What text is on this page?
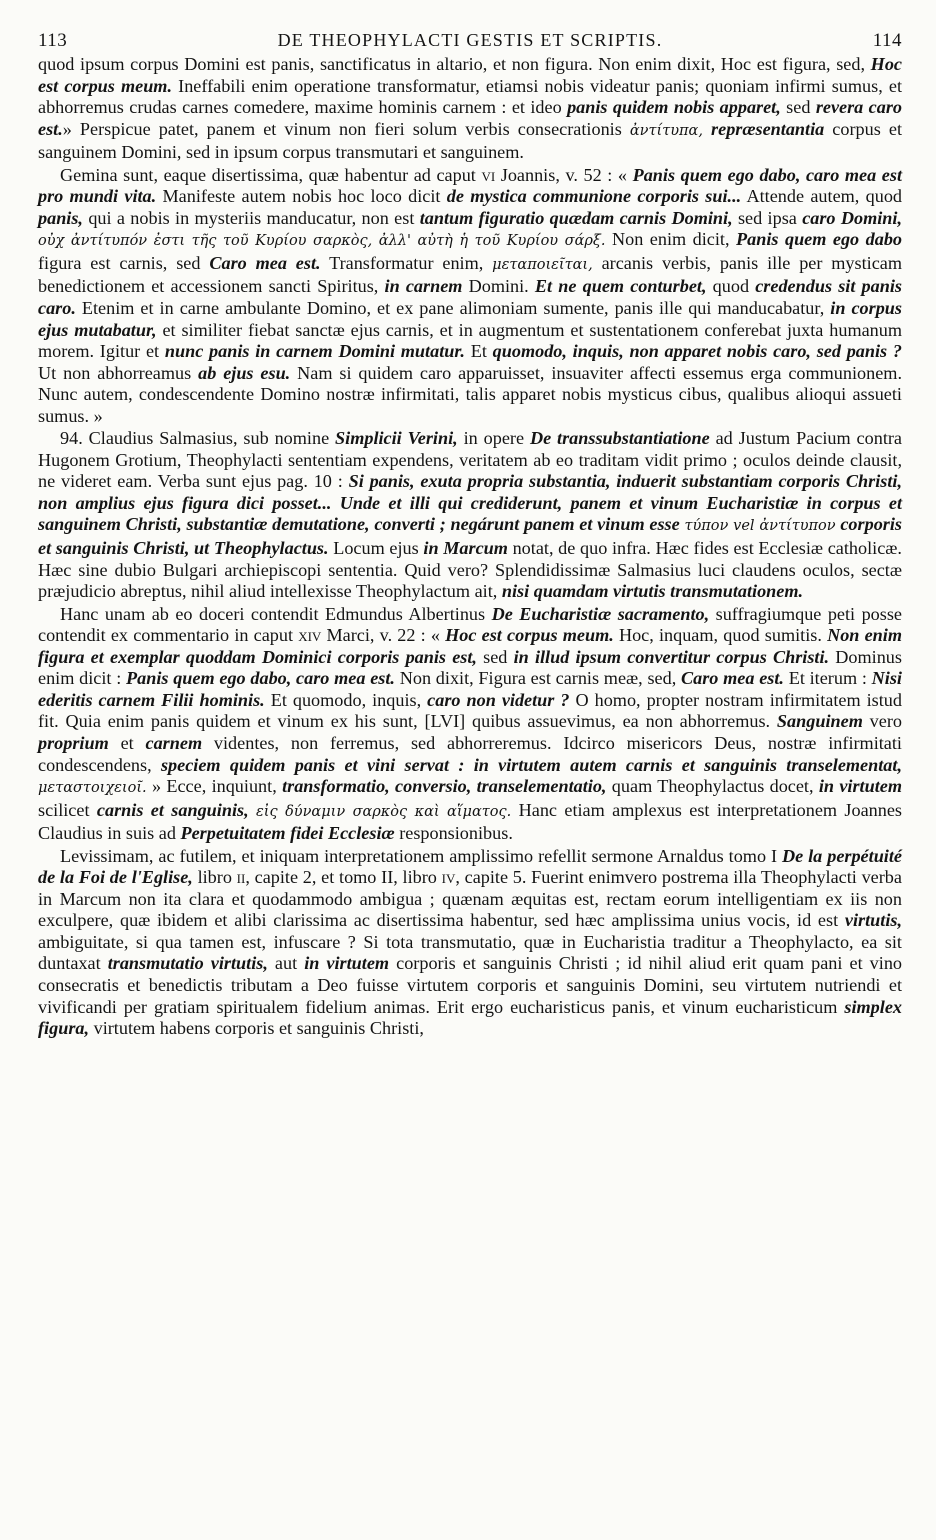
113	DE THEOPHYLACTI GESTIS ET SCRIPTIS.	114

quod ipsum corpus Domini est panis, sanctificatus in altario, et non figura. Non enim dixit, Hoc est figura, sed, Hoc est corpus meum. Ineffabili enim operatione transformatur, etiamsi nobis videatur panis; quoniam infirmi sumus, et abhorremus crudas carnes comedere, maxime hominis carnem : et ideo panis quidem nobis apparet, sed revera caro est.» Perspicue patet, panem et vinum non fieri solum verbis consecrationis ἀντίτυπα, repræsentantia corpus et sanguinem Domini, sed in ipsum corpus transmutari et sanguinem.

Gemina sunt, eaque disertissima, quæ habentur ad caput vi Joannis, v. 52 : « Panis quem ego dabo, caro mea est pro mundi vita. Manifeste autem nobis hoc loco dicit de mystica communione corporis sui... Attende autem, quod panis, qui a nobis in mysteriis manducatur, non est tantum figuratio quædam carnis Domini, sed ipsa caro Domini, οὐχ ἀντίτυπόν ἐστι τῆς τοῦ Κυρίου σαρκὸς, ἀλλ' αὐτὴ ἡ τοῦ Κυρίου σάρξ. Non enim dicit, Panis quem ego dabo figura est carnis, sed Caro mea est. Transformatur enim, μεταποιεῖται, arcanis verbis, panis ille per mysticam benedictionem et accessionem sancti Spiritus, in carnem Domini. Et ne quem conturbet, quod credendus sit panis caro. Etenim et in carne ambulante Domino, et ex pane alimoniam sumente, panis ille qui manducabatur, in corpus ejus mutabatur, et similiter fiebat sanctæ ejus carnis, et in augmentum et sustentationem conferebat juxta humanum morem. Igitur et nunc panis in carnem Domini mutatur. Et quomodo, inquis, non apparet nobis caro, sed panis ? Ut non abhorreamus ab ejus esu. Nam si quidem caro apparuisset, insuaviter affecti essemus erga communionem. Nunc autem, condescendente Domino nostræ infirmitati, talis apparet nobis mysticus cibus, qualibus alioqui assueti sumus. »

94. Claudius Salmasius, sub nomine Simplicii Verini, in opere De transsubstantiatione ad Justum Pacium contra Hugonem Grotium, Theophylacti sententiam expendens, veritatem ab eo traditam vidit primo ; oculos deinde clausit, ne videret eam. Verba sunt ejus pag. 10 : Si panis, exuta propria substantia, induerit substantiam corporis Christi, non amplius ejus figura dici posset... Unde et illi qui crediderunt, panem et vinum Eucharistiæ in corpus et sanguinem Christi, substantiæ demutatione, converti ; negárunt panem et vinum esse τύπον vel ἀντίτυπον corporis et sanguinis Christi, ut Theophylactus. Locum ejus in Marcum notat, de quo infra. Hæc fides est Ecclesiæ catholicæ. Hæc sine dubio Bulgari archiepiscopi sententia. Quid vero? Splendidissimæ Salmasius luci claudens oculos, sectæ præjudicio abreptus, nihil aliud intellexisse Theophylactum ait, nisi quamdam virtutis transmutationem.

Hanc unam ab eo doceri contendit Edmundus Albertinus De Eucharistiæ sacramento, suffragiumque peti posse contendit ex commentario in caput xiv Marci, v. 22 : « Hoc est corpus meum. Hoc, inquam, quod sumitis. Non enim figura et exemplar quoddam Dominici corporis panis est, sed in illud ipsum convertitur corpus Christi. Dominus enim dicit : Panis quem ego dabo, caro mea est. Non dixit, Figura est carnis meæ, sed, Caro mea est. Et iterum : Nisi ederitis carnem Filii hominis. Et quomodo, inquis, caro non videtur ? O homo, propter nostram infirmitatem istud fit. Quia enim panis quidem et vinum ex his sunt, [LVI] quibus assuevimus, ea non abhorremus. Sanguinem vero proprium et carnem videntes, non ferremus, sed abhorreremus. Idcirco misericors Deus, nostræ infirmitati condescendens, speciem quidem panis et vini servat : in virtutem autem carnis et sanguinis transelementat, μεταστοιχειοῖ. » Ecce, inquiunt, transformatio, conversio, transelementatio, quam Theophylactus docet, in virtutem scilicet carnis et sanguinis, εἰς δύναμιν σαρκὸς καὶ αἵματος. Hanc etiam amplexus est interpretationem Joannes Claudius in suis ad Perpetuitatem fidei Ecclesiæ responsionibus.

Levissimam, ac futilem, et iniquam interpretationem amplissimo refellit sermone Arnaldus tomo I De la perpétuité de la Foi de l'Eglise, libro ii, capite 2, et tomo II, libro iv, capite 5. Fuerint enimvero postrema illa Theophylacti verba in Marcum non ita clara et quodammodo ambigua ; quænam æquitas est, rectam eorum intelligentiam ex iis non exculpere, quæ ibidem et alibi clarissima ac disertissima habentur, sed hæc amplissima unius vocis, id est virtutis, ambiguitate, si qua tamen est, infuscare ? Si tota transmutatio, quæ in Eucharistia traditur a Theophylacto, ea sit duntaxat transmutatio virtutis, aut in virtutem corporis et sanguinis Christi ; id nihil aliud erit quam pani et vino consecratis et benedictis tributam a Deo fuisse virtutem corporis et sanguinis Domini, seu virtutem nutriendi et vivificandi per gratiam spiritualem fidelium animas. Erit ergo eucharisticus panis, et vinum eucharisticum simplex figura, virtutem habens corporis et sanguinis Christi,
